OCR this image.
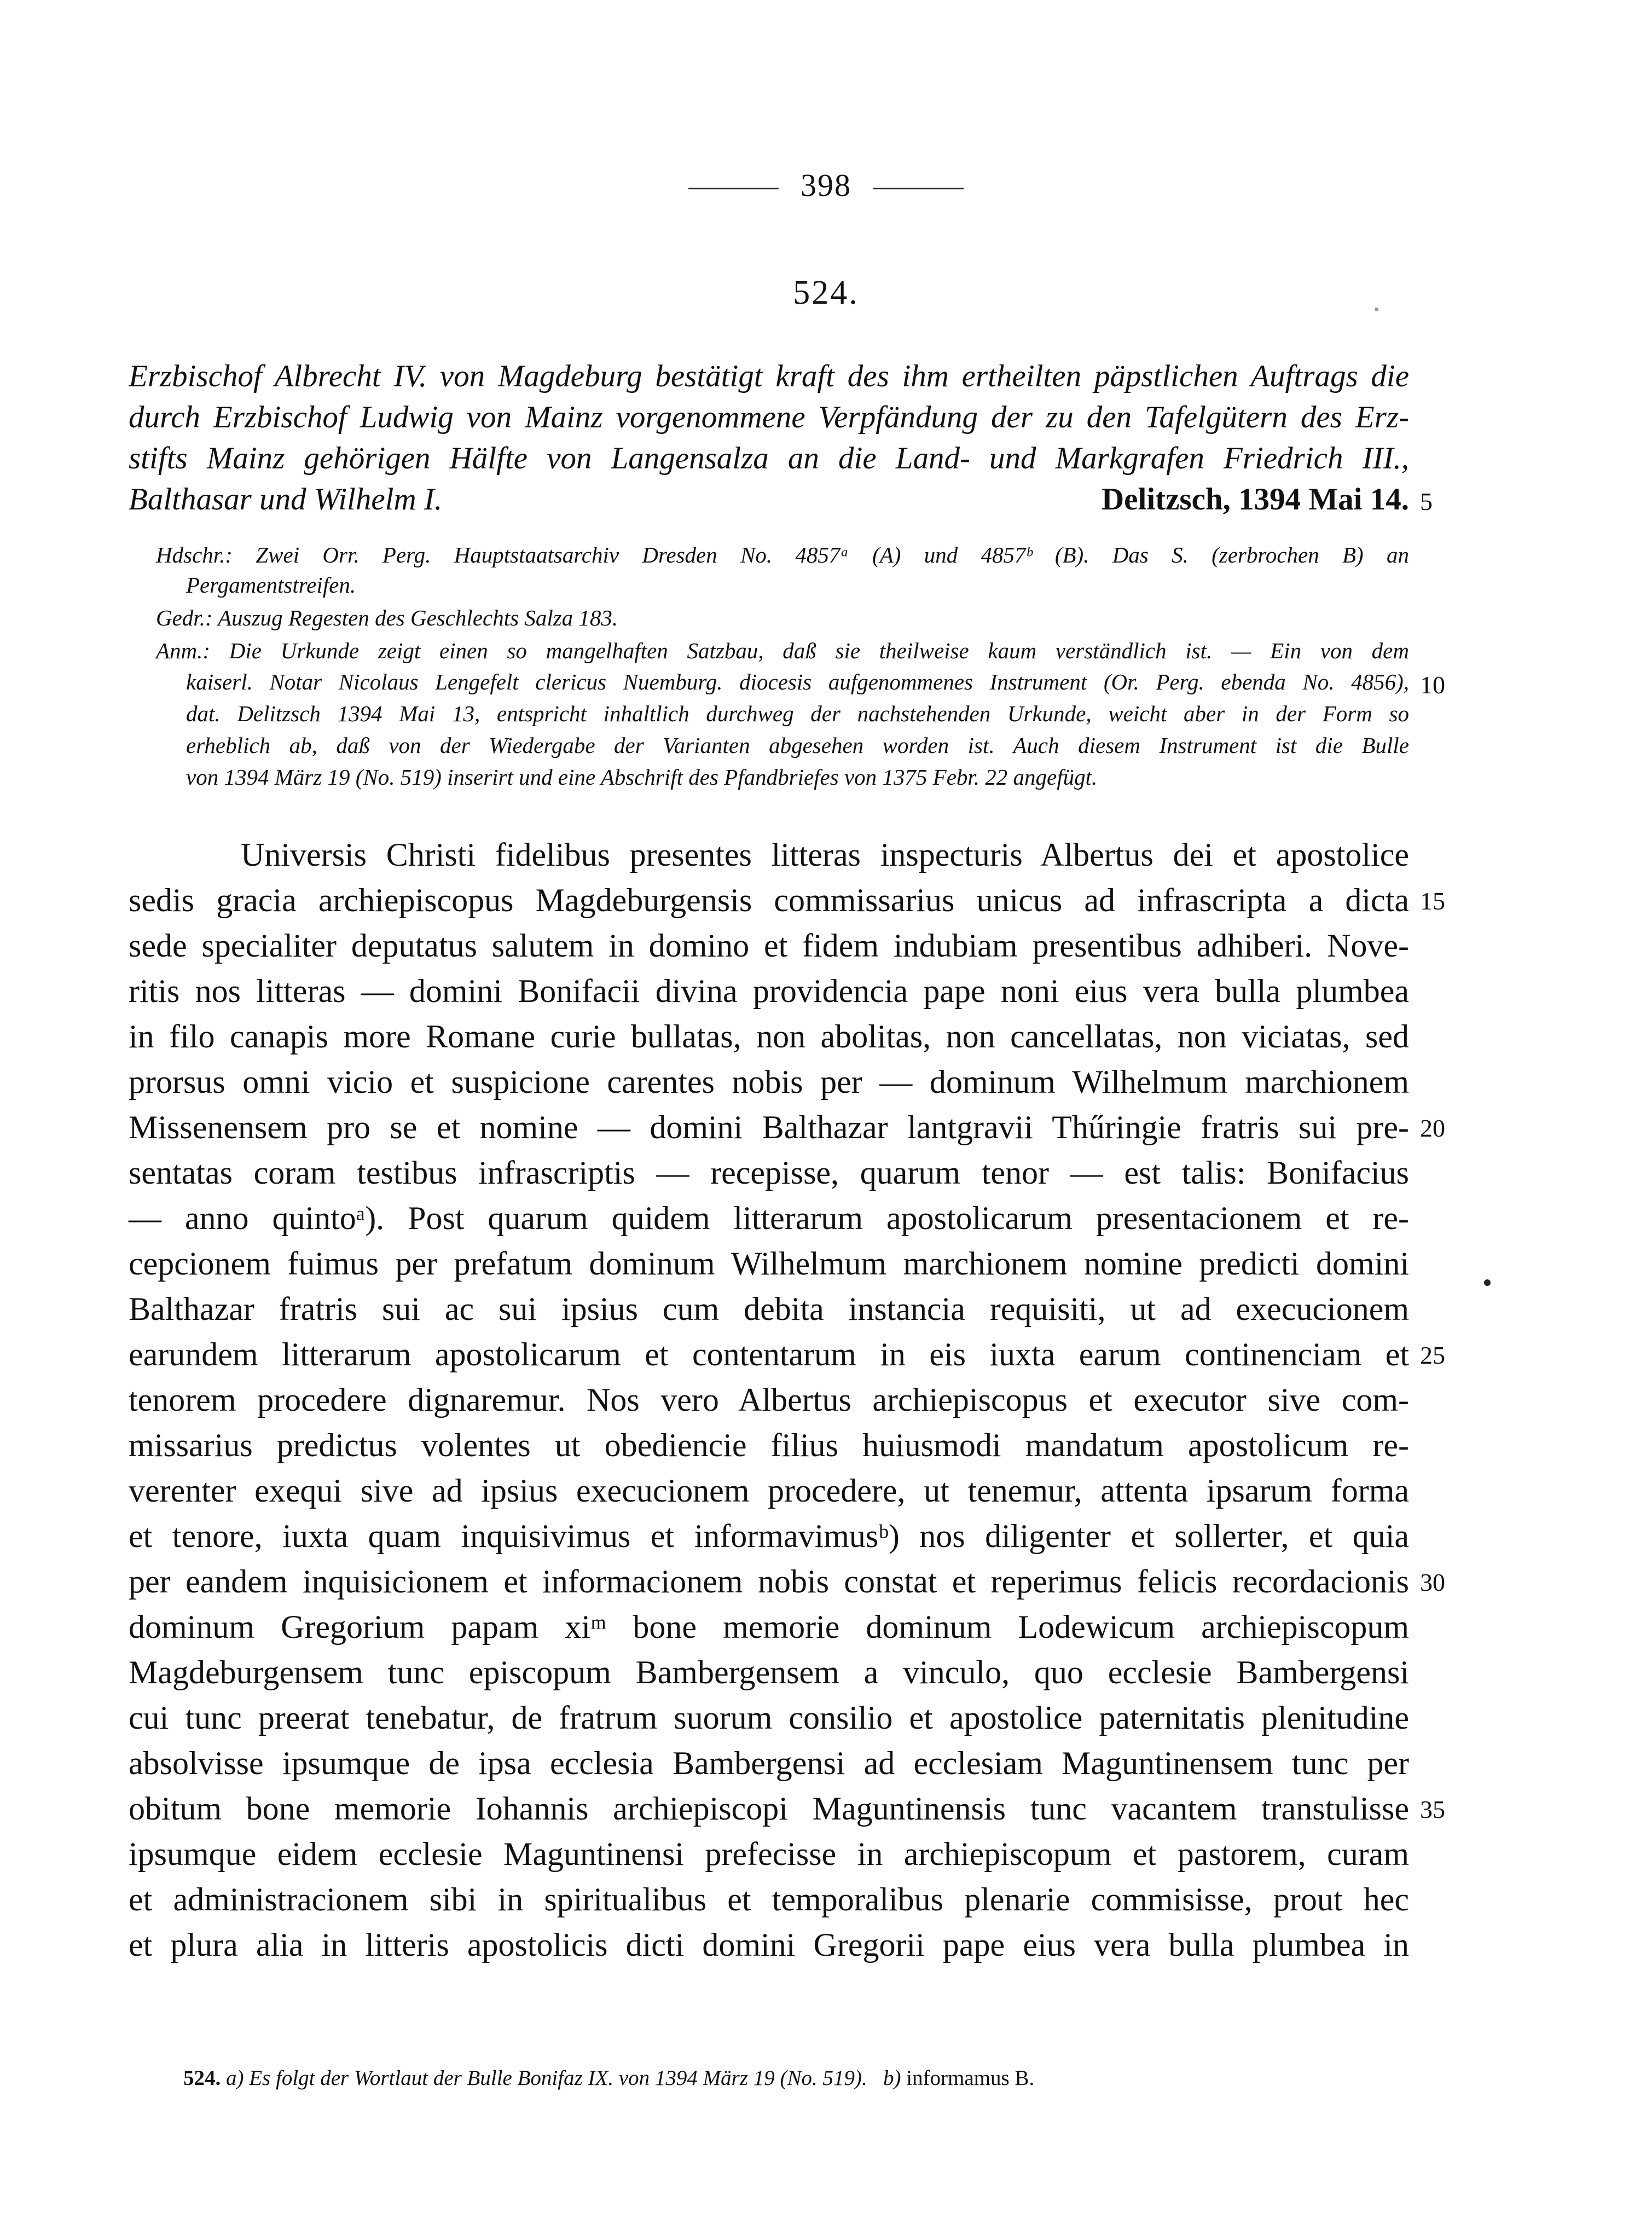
398
524.
Erzbischof Albrecht IV. von Magdeburg bestätigt kraft des ihm ertheilten päpstlichen Auftrags die
durch Erzbischof Ludwig von Mainz vorgenommene Verpfändung der zu den Tafelgütern des Erz-
stifts Mainz gehörigen Hälfte von Langensalza an die Land- und Markgrafen Friedrich III.,
Balthasar und Wilhelm I.	Delitzsch, 1394 Mai 14.
Hdschr.: Zwei Orr. Perg. Hauptstaatsarchiv Dresden No. 4857ᵃ (A) und 4857ᵇ (B). Das S. (zerbrochen B) an
Pergamentstreifen.
Gedr.: Auszug Regesten des Geschlechts Salza 183.
Anm.: Die Urkunde zeigt einen so mangelhaften Satzbau, daß sie theilweise kaum verständlich ist. — Ein von dem
kaiserl. Notar Nicolaus Lengefelt clericus Nuemburg. diocesis aufgenommenes Instrument (Or. Perg. ebenda No. 4856),
dat. Delitzsch 1394 Mai 13, entspricht inhaltlich durchweg der nachstehenden Urkunde, weicht aber in der Form so
erheblich ab, daß von der Wiedergabe der Varianten abgesehen worden ist. Auch diesem Instrument ist die Bulle
von 1394 März 19 (No. 519) inserirt und eine Abschrift des Pfandbriefes von 1375 Febr. 22 angefügt.
Universis Christi fidelibus presentes litteras inspecturis Albertus dei et apostolice
sedis gracia archiepiscopus Magdeburgensis commissarius unicus ad infrascripta a dicta
sede specialiter deputatus salutem in domino et fidem indubiam presentibus adhiberi. Nove-
ritis nos litteras — domini Bonifacii divina providencia pape noni eius vera bulla plumbea
in filo canapis more Romane curie bullatas, non abolitas, non cancellatas, non viciatas, sed
prorsus omni vicio et suspicione carentes nobis per — dominum Wilhelmum marchionem
Missenensem pro se et nomine — domini Balthazar lantgravii Thűringie fratris sui pre-
sentatas coram testibus infrascriptis — recepisse, quarum tenor — est talis: Bonifacius
— anno quintoᵃ). Post quarum quidem litterarum apostolicarum presentacionem et re-
cepcionem fuimus per prefatum dominum Wilhelmum marchionem nomine predicti domini
Balthazar fratris sui ac sui ipsius cum debita instancia requisiti, ut ad execucionem
earundem litterarum apostolicarum et contentarum in eis iuxta earum continenciam et
tenorem procedere dignaremur. Nos vero Albertus archiepiscopus et executor sive com-
missarius predictus volentes ut obediencie filius huiusmodi mandatum apostolicum re-
verenter exequi sive ad ipsius execucionem procedere, ut tenemur, attenta ipsarum forma
et tenore, iuxta quam inquisivimus et informavimusᵇ) nos diligenter et sollerter, et quia
per eandem inquisicionem et informacionem nobis constat et reperimus felicis recordacionis
dominum Gregorium papam xiᵐ bone memorie dominum Lodewicum archiepiscopum
Magdeburgensem tunc episcopum Bambergensem a vinculo, quo ecclesie Bambergensi
cui tunc preerat tenebatur, de fratrum suorum consilio et apostolice paternitatis plenitudine
absolvisse ipsumque de ipsa ecclesia Bambergensi ad ecclesiam Maguntinensem tunc per
obitum bone memorie Iohannis archiepiscopi Maguntinensis tunc vacantem transtulisse
ipsumque eidem ecclesie Maguntinensi prefecisse in archiepiscopum et pastorem, curam
et administracionem sibi in spiritualibus et temporalibus plenarie commisisse, prout hec
et plura alia in litteris apostolicis dicti domini Gregorii pape eius vera bulla plumbea in
5
10
15
20
25
30
35
524. a) Es folgt der Wortlaut der Bulle Bonifaz IX. von 1394 März 19 (No. 519). b) informamus B.
